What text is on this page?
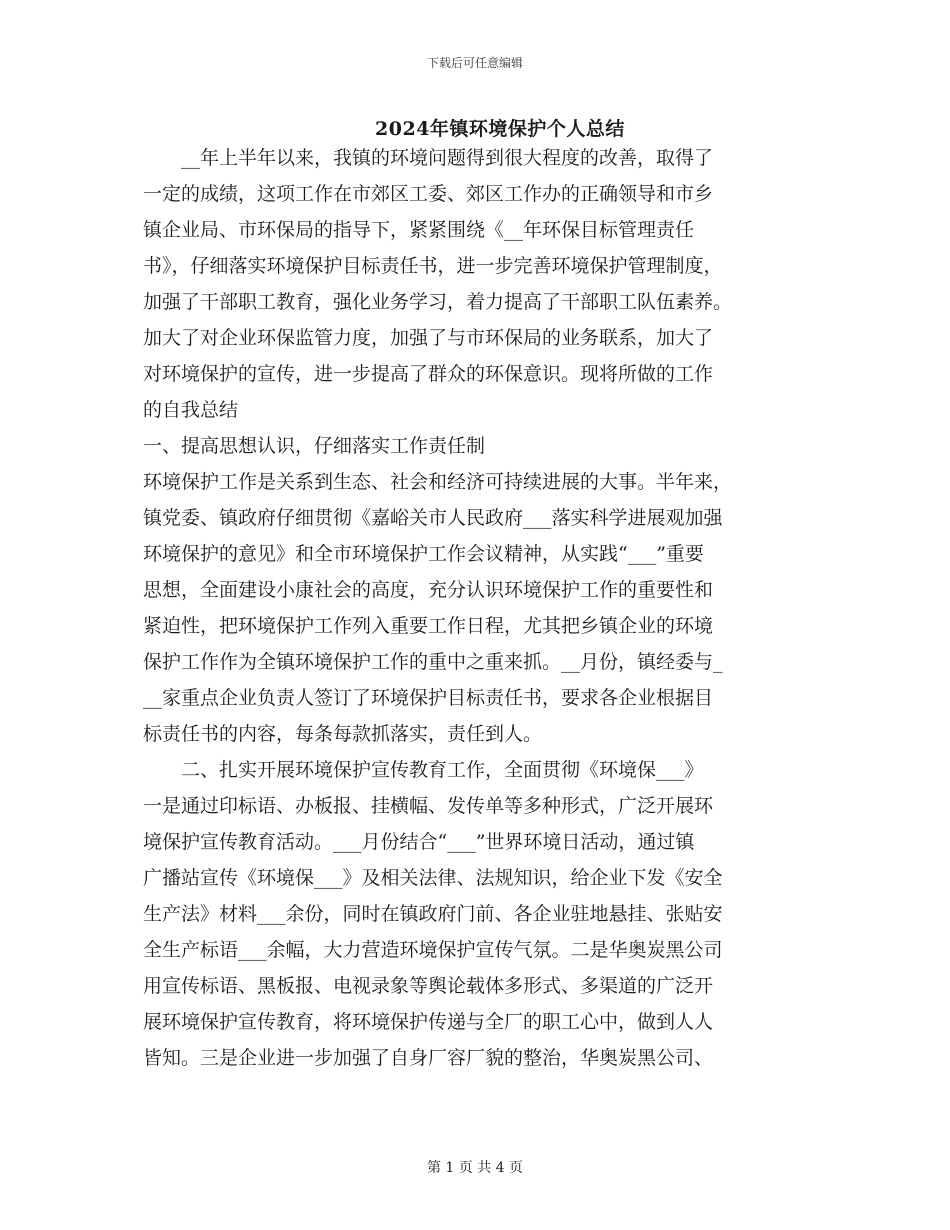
下载后可任意编辑
2024年镇环境保护个人总结
__年上半年以来，我镇的环境问题得到很大程度的改善，取得了
一定的成绩，这项工作在市郊区工委、郊区工作办的正确领导和市乡
镇企业局、市环保局的指导下，紧紧围绕《__年环保目标管理责任
书》，仔细落实环境保护目标责任书，进一步完善环境保护管理制度，
加强了干部职工教育，强化业务学习，着力提高了干部职工队伍素养。
加大了对企业环保监管力度，加强了与市环保局的业务联系，加大了
对环境保护的宣传，进一步提高了群众的环保意识。现将所做的工作
的自我总结
一、提高思想认识，仔细落实工作责任制
环境保护工作是关系到生态、社会和经济可持续进展的大事。半年来，
镇党委、镇政府仔细贯彻《嘉峪关市人民政府___落实科学进展观加强
环境保护的意见》和全市环境保护工作会议精神，从实践“___”重要
思想，全面建设小康社会的高度，充分认识环境保护工作的重要性和
紧迫性，把环境保护工作列入重要工作日程，尤其把乡镇企业的环境
保护工作作为全镇环境保护工作的重中之重来抓。__月份，镇经委与_
__家重点企业负责人签订了环境保护目标责任书，要求各企业根据目
标责任书的内容，每条每款抓落实，责任到人。
二、扎实开展环境保护宣传教育工作，全面贯彻《环境保___》
一是通过印标语、办板报、挂横幅、发传单等多种形式，广泛开展环
境保护宣传教育活动。___月份结合“___”世界环境日活动，通过镇
广播站宣传《环境保___》及相关法律、法规知识，给企业下发《安全
生产法》材料___余份，同时在镇政府门前、各企业驻地悬挂、张贴安
全生产标语___余幅，大力营造环境保护宣传气氛。二是华奥炭黑公司
用宣传标语、黑板报、电视录象等舆论载体多形式、多渠道的广泛开
展环境保护宣传教育，将环境保护传递与全厂的职工心中，做到人人
皆知。三是企业进一步加强了自身厂容厂貌的整治，华奥炭黑公司、
第 1 页 共 4 页
